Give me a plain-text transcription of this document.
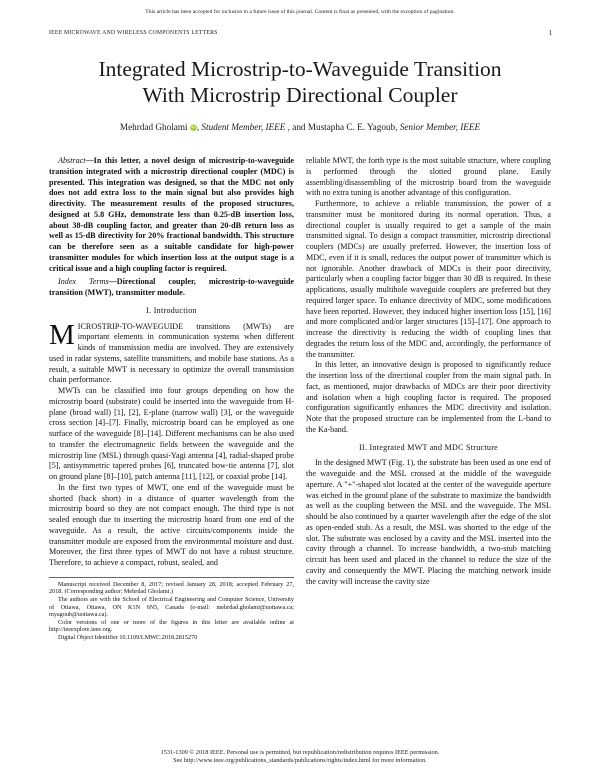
This article has been accepted for inclusion in a future issue of this journal. Content is final as presented, with the exception of pagination.
IEEE MICROWAVE AND WIRELESS COMPONENTS LETTERS	1
Integrated Microstrip-to-Waveguide Transition
With Microstrip Directional Coupler
Mehrdad Gholami iD, Student Member, IEEE , and Mustapha C. E. Yagoub, Senior Member, IEEE

Abstract—In this letter, a novel design of microstrip-to-waveguide transition integrated with a microstrip directional coupler (MDC) is presented. This integration was designed, so that the MDC not only does not add extra loss to the main signal but also provides high directivity. The measurement results of the proposed structures, designed at 5.8 GHz, demonstrate less than 0.25-dB insertion loss, about 38-dB coupling factor, and greater than 20-dB return loss as well as 15-dB directivity for 20% fractional bandwidth. This structure can be therefore seen as a suitable candidate for high-power transmitter modules for which insertion loss at the output stage is a critical issue and a high coupling factor is required.

Index Terms—Directional coupler, microstrip-to-waveguide transition (MWT), transmitter module.

I. Introduction

MICROSTRIP-TO-WAVEGUIDE transitions (MWTs) are important elements in communication systems when different kinds of transmission media are involved. They are extensively used in radar systems, satellite transmitters, and mobile base stations. As a result, a suitable MWT is necessary to optimize the overall transmission chain performance.

MWTs can be classified into four groups depending on how the microstrip board (substrate) could be inserted into the waveguide from H-plane (broad wall) [1], [2], E-plane (narrow wall) [3], or the waveguide cross section [4]–[7]. Finally, microstrip board can be employed as one surface of the waveguide [8]–[14]. Different mechanisms can be also used to transfer the electromagnetic fields between the waveguide and the microstrip line (MSL) through quasi-Yagi antenna [4], radial-shaped probe [5], antisymmetric tapered probes [6], truncated bow-tie antenna [7], slot on ground plane [8]–[10], patch antenna [11], [12], or coaxial probe [14].

In the first two types of MWT, one end of the waveguide must be shorted (back short) in a distance of quarter wavelength from the microstrip board so they are not compact enough. The third type is not sealed enough due to inserting the microstrip board from one end of the waveguide. As a result, the active circuits/components inside the transmitter module are exposed from the environmental moisture and dust. Moreover, the first three types of MWT do not have a robust structure. Therefore, to achieve a compact, robust, sealed, and

Manuscript received December 8, 2017; revised January 28, 2018; accepted February 27, 2018. (Corresponding author: Mehrdad Gholami.)
The authors are with the School of Electrical Engineering and Computer Science, University of Ottawa, Ottawa, ON K1N 6N5, Canada (e-mail: mehrdad.gholami@uottawa.ca; myagoub@uottawa.ca).
Color versions of one or more of the figures in this letter are available online at http://ieeexplore.ieee.org.
Digital Object Identifier 10.1109/LMWC.2018.2815270

reliable MWT, the forth type is the most suitable structure, where coupling is performed through the slotted ground plane. Easily assembling/disassembling of the microstrip board from the waveguide with no extra tuning is another advantage of this configuration.

Furthermore, to achieve a reliable transmission, the power of a transmitter must be monitored during its normal operation. Thus, a directional coupler is usually required to get a sample of the main transmitted signal. To design a compact transmitter, microstrip directional couplers (MDCs) are usually preferred. However, the insertion loss of MDC, even if it is small, reduces the output power of transmitter which is not ignorable. Another drawback of MDCs is their poor directivity, particularly when a coupling factor bigger than 30 dB is required. In these applications, usually multihole waveguide couplers are preferred but they required larger space. To enhance directivity of MDC, some modifications have been reported. However, they induced higher insertion loss [15], [16] and more complicated and/or larger structures [15]–[17]. One approach to increase the directivity is reducing the width of coupling lines that degrades the return loss of the MDC and, accordingly, the performance of the transmitter.

In this letter, an innovative design is proposed to significantly reduce the insertion loss of the directional coupler from the main signal path. In fact, as mentioned, major drawbacks of MDCs are their poor directivity and isolation when a high coupling factor is required. The proposed configuration significantly enhances the MDC directivity and isolation. Note that the proposed structure can be implemented from the L-band to the Ka-band.

II. Integrated MWT and MDC Structure

In the designed MWT (Fig. 1), the substrate has been used as one end of the waveguide and the MSL crossed at the middle of the waveguide aperture. A "+"-shaped slot located at the center of the waveguide aperture was etched in the ground plane of the substrate to maximize the bandwidth as well as the coupling between the MSL and the waveguide. The MSL should be also continued by a quarter wavelength after the edge of the slot as open-ended stub. As a result, the MSL was shorted to the edge of the slot. The substrate was enclosed by a cavity and the MSL inserted into the cavity through a channel. To increase bandwidth, a two-stub matching circuit has been used and placed in the channel to reduce the size of the cavity and consequently the MWT. Placing the matching network inside the cavity will increase the cavity size

1531-1309 © 2018 IEEE. Personal use is permitted, but republication/redistribution requires IEEE permission.
See http://www.ieee.org/publications_standards/publications/rights/index.html for more information.
